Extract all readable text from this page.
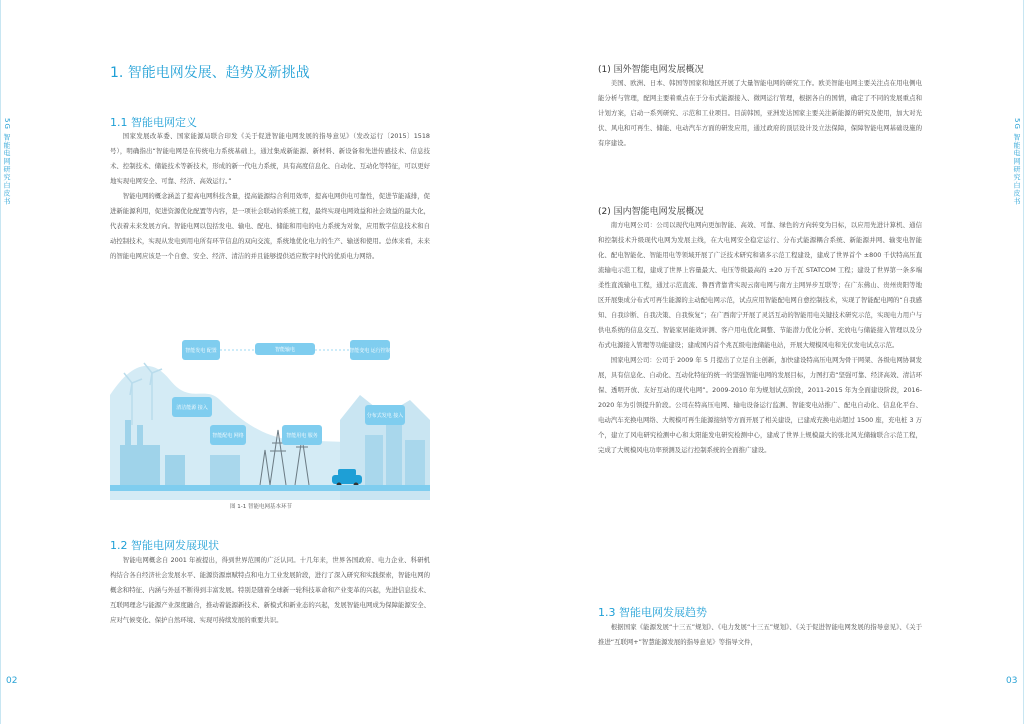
5G 智能电网研究白皮书
02
1. 智能电网发展、趋势及新挑战
1.1 智能电网定义

国家发展改革委、国家能源局联合印发《关于促进智能电网发展的指导意见》（发改运行〔2015〕1518 号），明确指出“智能电网是在传统电力系统基础上，通过集成新能源、新材料、新设备和先进传感技术、信息技术、控制技术、储能技术等新技术，形成的新一代电力系统，具有高度信息化、自动化、互动化等特征，可以更好地实现电网安全、可靠、经济、高效运行。”

智能电网的概念涵盖了提高电网科技含量，提高能源综合利用效率，提高电网供电可靠性，促进节能减排，促进新能源利用，促进资源优化配置等内容，是一项社会联动的系统工程，最终实现电网效益和社会效益的最大化，代表着未来发展方向。智能电网以包括发电、输电、配电、储能和用电的电力系统为对象，应用数字信息技术和自动控制技术，实现从发电到用电所有环节信息的双向交流，系统地优化电力的生产、输送和使用。总体来看，未来的智能电网应该是一个自愈、安全、经济、清洁的并且能够提供适应数字时代的优质电力网络。

智能发电 配置	智能输电	智能变电 运行控制
清洁能源 接入
分布式发电 接入
智能配电 网络	智能用电 服务
图 1-1 智能电网基本环节
1.2 智能电网发展现状

智能电网概念自 2001 年被提出，得到世界范围的广泛认同。十几年来，世界各国政府、电力企业、科研机构结合各自经济社会发展水平、能源资源禀赋特点和电力工业发展阶段，进行了深入研究和实践探索，智能电网的概念和特征、内涵与外延不断得到丰富发展。特别是随着全球新一轮科技革命和产业变革的兴起，先进信息技术、互联网理念与能源产业深度融合，推动着能源新技术、新模式和新业态的兴起，发展智能电网成为保障能源安全、应对气候变化、保护自然环境、实现可持续发展的重要共识。

5G 智能电网研究白皮书
03
(1) 国外智能电网发展概况

美国、欧洲、日本、韩国等国家和地区开展了大量智能电网的研究工作。欧美智能电网主要关注点在用电侧电能分析与管理，配网主要着重点在于分布式能源接入、微网运行管理，根据各自的国情，确定了不同的发展重点和计划方案，启动一系列研究、示范和工业项目。目前韩国，亚洲发达国家主要关注新能源的研究及使用，加大对光伏、风电和可再生、储能、电动汽车方面的研发应用，通过政府的顶层设计及立法保障，保障智能电网基础设施的有序建设。

(2) 国内智能电网发展概况

南方电网公司：公司以现代电网向更加智能、高效、可靠、绿色的方向转变为目标，以应用先进计算机、通信和控制技术升级现代电网为发展主线，在大电网安全稳定运行、分布式能源耦合系统、新能源并网、输变电智能化、配电智能化、智能用电等领域开展了广泛技术研究和诸多示范工程建设，建成了世界首个 ±800 千伏特高压直流输电示范工程，建成了世界上容量最大、电压等级最高的 ±20 万千瓦 STATCOM 工程；建设了世界第一条多端柔性直流输电工程，通过示范直流、鲁西背靠背实现云南电网与南方主网异步互联等；在广东佛山、贵州贵阳等地区开展集成分布式可再生能源的主动配电网示范，试点应用智能配电网自愈控制技术，实现了智能配电网的“自我感知、自我诊断、自我决策、自我恢复”；在广西南宁开展了灵活互动的智能用电关键技术研究示范，实现电力用户与供电系统的信息交互、智能家居能效评测、客户用电优化调整、节能潜力优化分析、充放电与储能接入管理以及分布式电源接入管理等功能建设；建成国内首个兆瓦级电池储能电站，开展大规模风电和光伏发电试点示范。

国家电网公司：公司于 2009 年 5 月提出了立足自主创新，加快建设特高压电网为骨干网架、各级电网协调发展，具有信息化、自动化、互动化特征的统一的坚强智能电网的发展目标，力图打造“坚强可靠、经济高效、清洁环保、透明开放、友好互动的现代电网”。2009-2010 年为规划试点阶段，2011-2015 年为全面建设阶段，2016-2020 年为引领提升阶段。公司在特高压电网、输电设备运行监测、智能变电站推广、配电自动化、信息化平台、电动汽车充换电网络、大规模可再生能源接纳等方面开展了相关建设，已建成充换电站超过 1500 座，充电桩 3 万个，建立了风电研究检测中心和太阳能发电研究检测中心，建成了世界上规模最大的张北风光储输联合示范工程，完成了大规模风电功率预测及运行控制系统的全面推广建设。

1.3 智能电网发展趋势

根据国家《能源发展“十三五”规划》、《电力发展“十三五”规划》、《关于促进智能电网发展的指导意见》、《关于推进“互联网+”智慧能源发展的指导意见》等指导文件，
